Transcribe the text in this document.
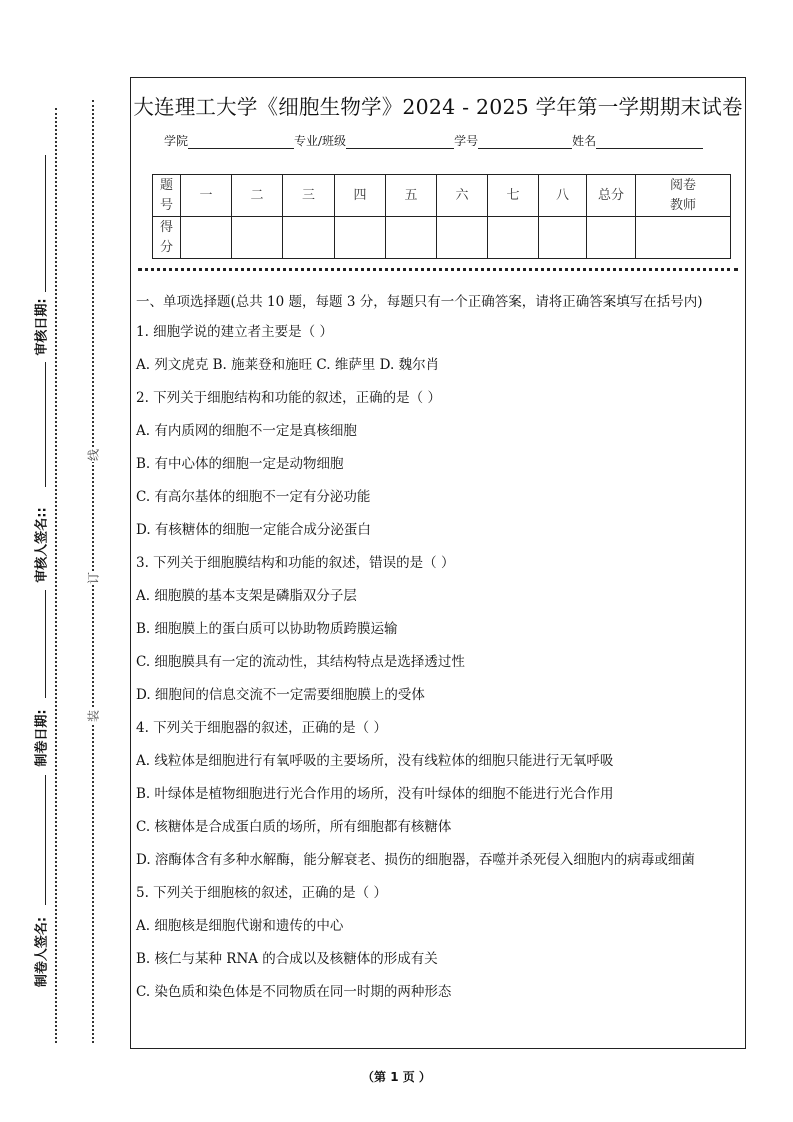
审核日期:
审核人签名::
制卷日期:
制卷人签名:
线
订
装
大连理工大学《细胞生物学》2024 - 2025 学年第一学期期末试卷
学院	专业/班级	学号	姓名
题
号	一	二	三	四	五	六	七	八	总分	阅卷
教师
得
分										

一、单项选择题(总共 10 题，每题 3 分，每题只有一个正确答案，请将正确答案填写在括号内)

1. 细胞学说的建立者主要是（ ）

A. 列文虎克 B. 施莱登和施旺 C. 维萨里 D. 魏尔肖

2. 下列关于细胞结构和功能的叙述，正确的是（ ）

A. 有内质网的细胞不一定是真核细胞

B. 有中心体的细胞一定是动物细胞

C. 有高尔基体的细胞不一定有分泌功能

D. 有核糖体的细胞一定能合成分泌蛋白

3. 下列关于细胞膜结构和功能的叙述，错误的是（ ）

A. 细胞膜的基本支架是磷脂双分子层

B. 细胞膜上的蛋白质可以协助物质跨膜运输

C. 细胞膜具有一定的流动性，其结构特点是选择透过性

D. 细胞间的信息交流不一定需要细胞膜上的受体

4. 下列关于细胞器的叙述，正确的是（ ）

A. 线粒体是细胞进行有氧呼吸的主要场所，没有线粒体的细胞只能进行无氧呼吸

B. 叶绿体是植物细胞进行光合作用的场所，没有叶绿体的细胞不能进行光合作用

C. 核糖体是合成蛋白质的场所，所有细胞都有核糖体

D. 溶酶体含有多种水解酶，能分解衰老、损伤的细胞器，吞噬并杀死侵入细胞内的病毒或细菌

5. 下列关于细胞核的叙述，正确的是（ ）

A. 细胞核是细胞代谢和遗传的中心

B. 核仁与某种 RNA 的合成以及核糖体的形成有关

C. 染色质和染色体是不同物质在同一时期的两种形态

（第 1 页 ）
